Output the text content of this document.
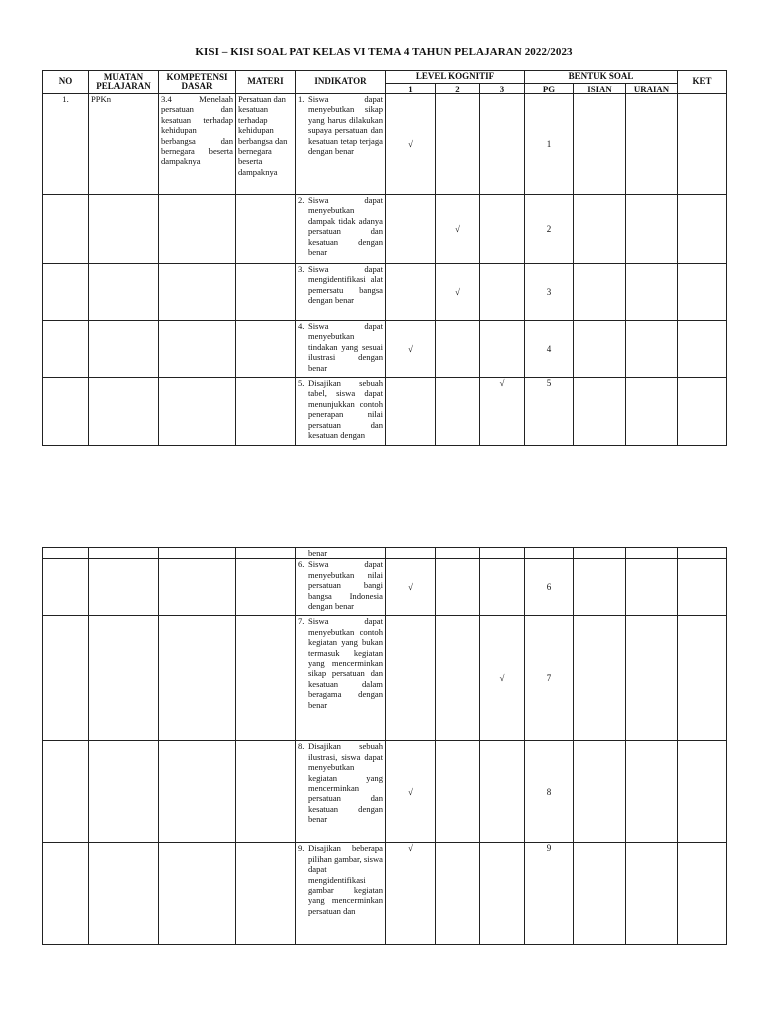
KISI – KISI SOAL PAT KELAS VI TEMA 4 TAHUN PELAJARAN 2022/2023
NO	MUATAN PELAJARAN	KOMPETENSI DASAR	MATERI	INDIKATOR	LEVEL KOGNITIF			BENTUK SOAL			KET
					1	2	3	PG	ISIAN	URAIAN	
1.	PPKn	3.4 Menelaah persatuan dan kesatuan terhadap kehidupan berbangsa dan bernegara beserta dampaknya	Persatuan dan kesatuan terhadap kehidupan berbangsa dan bernegara beserta dampaknya	1. Siswa dapat menyebutkan sikap yang harus dilakukan supaya persatuan dan kesatuan tetap terjaga dengan benar	√			1			

				2. Siswa dapat menyebutkan dampak tidak adanya persatuan dan kesatuan dengan benar		√		2			

				3. Siswa dapat mengidentifikasi alat pemersatu bangsa dengan benar		√		3			

				4. Siswa dapat menyebutkan tindakan yang sesuai ilustrasi dengan benar	√			4			

				5. Disajikan sebuah tabel, siswa dapat menunjukkan contoh penerapan nilai persatuan dan kesatuan dengan			√	5			
				benar							

				6. Siswa dapat menyebutkan nilai persatuan bangi bangsa Indonesia dengan benar	√			6			

				7. Siswa dapat menyebutkan contoh kegiatan yang bukan termasuk kegiatan yang mencerminkan sikap persatuan dan kesatuan dalam beragama dengan benar			√	7			

				8. Disajikan sebuah ilustrasi, siswa dapat menyebutkan kegiatan yang mencerminkan persatuan dan kesatuan dengan benar	√			8			

				9. Disajikan beberapa pilihan gambar, siswa dapat mengidentifikasi gambar kegiatan yang mencerminkan persatuan dan	√			9			
